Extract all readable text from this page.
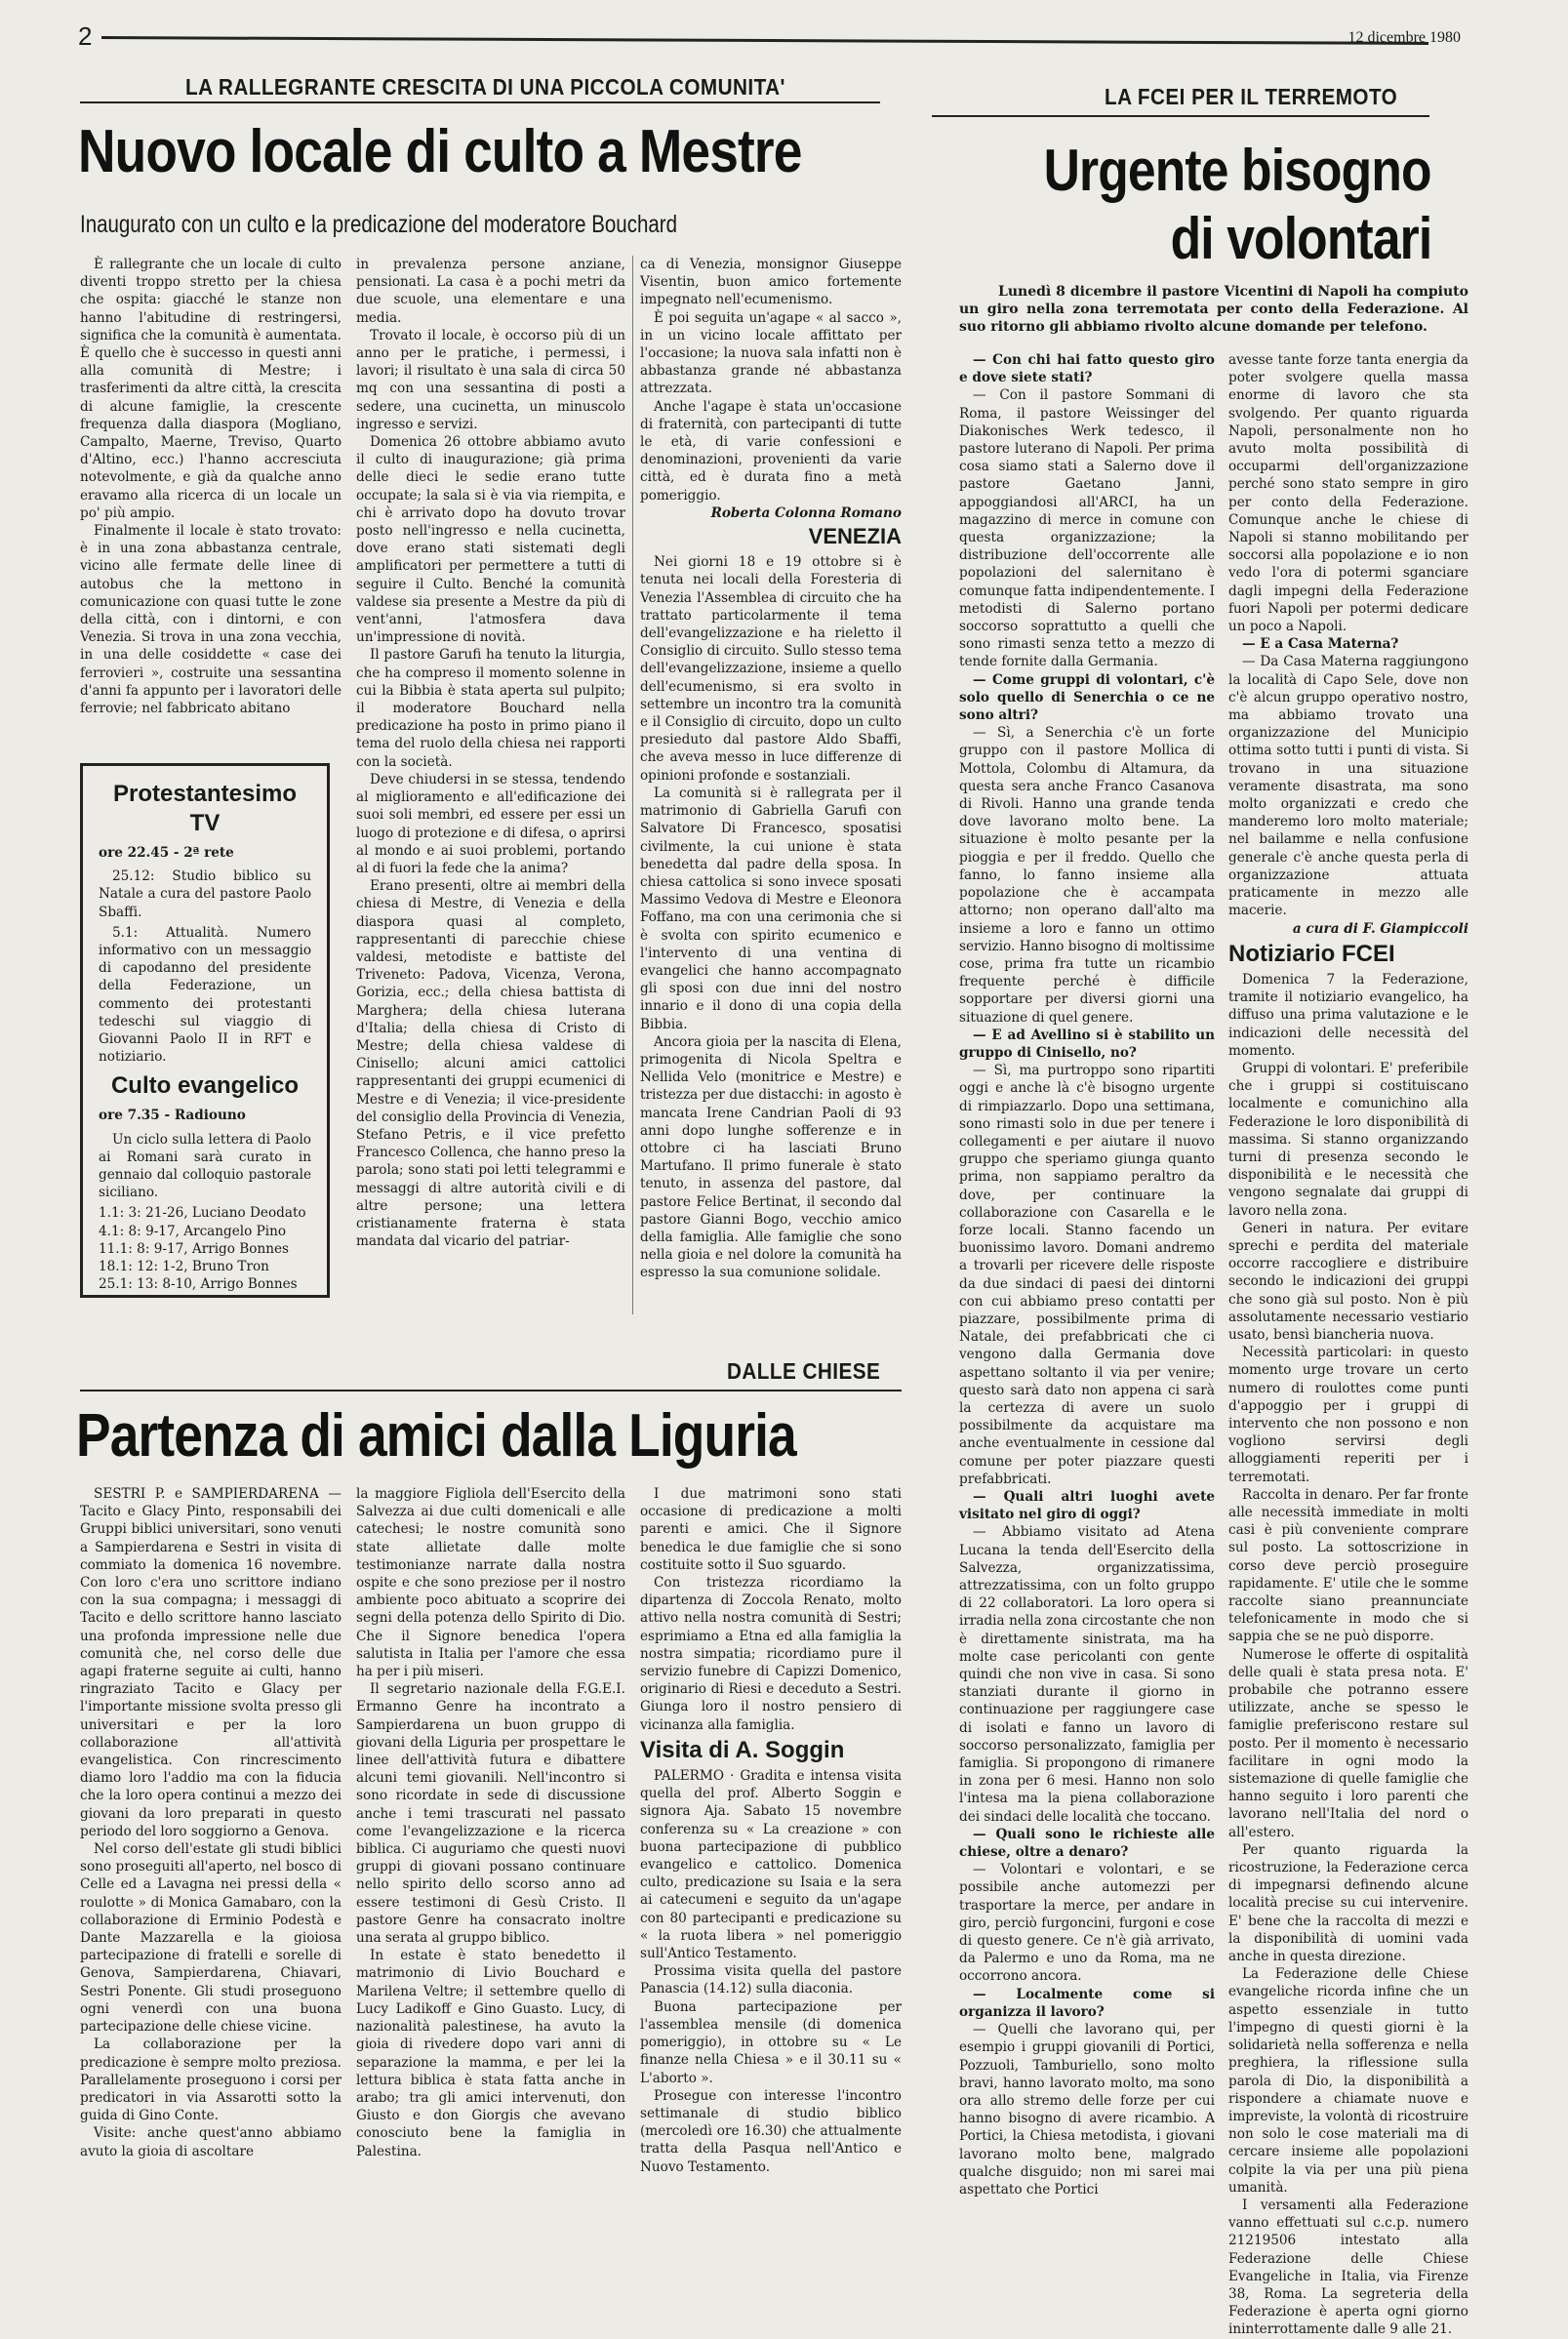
2	12 dicembre 1980
LA RALLEGRANTE CRESCITA DI UNA PICCOLA COMUNITA'
Nuovo locale di culto a Mestre
Inaugurato con un culto e la predicazione del moderatore Bouchard

È rallegrante che un locale di culto diventi troppo stretto per la chiesa che ospita: giacché le stanze non hanno l'abitudine di restringersi, significa che la comunità è aumentata. È quello che è successo in questi anni alla comunità di Mestre; i trasferimenti da altre città, la crescita di alcune famiglie, la crescente frequenza dalla diaspora (Mogliano, Campalto, Maerne, Treviso, Quarto d'Altino, ecc.) l'hanno accresciuta notevolmente, e già da qualche anno eravamo alla ricerca di un locale un po' più ampio.

Finalmente il locale è stato trovato: è in una zona abbastanza centrale, vicino alle fermate delle linee di autobus che la mettono in comunicazione con quasi tutte le zone della città, con i dintorni, e con Venezia. Si trova in una zona vecchia, in una delle cosiddette « case dei ferrovieri », costruite una sessantina d'anni fa appunto per i lavoratori delle ferrovie; nel fabbricato abitano

in prevalenza persone anziane, pensionati. La casa è a pochi metri da due scuole, una elementare e una media.

Trovato il locale, è occorso più di un anno per le pratiche, i permessi, i lavori; il risultato è una sala di circa 50 mq con una sessantina di posti a sedere, una cucinetta, un minuscolo ingresso e servizi.

Domenica 26 ottobre abbiamo avuto il culto di inaugurazione; già prima delle dieci le sedie erano tutte occupate; la sala si è via via riempita, e chi è arrivato dopo ha dovuto trovar posto nell'ingresso e nella cucinetta, dove erano stati sistemati degli amplificatori per permettere a tutti di seguire il Culto. Benché la comunità valdese sia presente a Mestre da più di vent'anni, l'atmosfera dava un'impressione di novità.

Il pastore Garufi ha tenuto la liturgia, che ha compreso il momento solenne in cui la Bibbia è stata aperta sul pulpito; il moderatore Bouchard nella predicazione ha posto in primo piano il tema del ruolo della chiesa nei rapporti con la società.

Deve chiudersi in se stessa, tendendo al miglioramento e all'edificazione dei suoi soli membri, ed essere per essi un luogo di protezione e di difesa, o aprirsi al mondo e ai suoi problemi, portando al di fuori la fede che la anima?

Erano presenti, oltre ai membri della chiesa di Mestre, di Venezia e della diaspora quasi al completo, rappresentanti di parecchie chiese valdesi, metodiste e battiste del Triveneto: Padova, Vicenza, Verona, Gorizia, ecc.; della chiesa battista di Marghera; della chiesa luterana d'Italia; della chiesa di Cristo di Mestre; della chiesa valdese di Cinisello; alcuni amici cattolici rappresentanti dei gruppi ecumenici di Mestre e di Venezia; il vice-presidente del consiglio della Provincia di Venezia, Stefano Petris, e il vice prefetto Francesco Collenca, che hanno preso la parola; sono stati poi letti telegrammi e messaggi di altre autorità civili e di altre persone; una lettera cristianamente fraterna è stata mandata dal vicario del patriar-

ca di Venezia, monsignor Giuseppe Visentin, buon amico fortemente impegnato nell'ecumenismo.

È poi seguita un'agape « al sacco », in un vicino locale affittato per l'occasione; la nuova sala infatti non è abbastanza grande né abbastanza attrezzata.

Anche l'agape è stata un'occasione di fraternità, con partecipanti di tutte le età, di varie confessioni e denominazioni, provenienti da varie città, ed è durata fino a metà pomeriggio.

Roberta Colonna Romano

VENEZIA

Nei giorni 18 e 19 ottobre si è tenuta nei locali della Foresteria di Venezia l'Assemblea di circuito che ha trattato particolarmente il tema dell'evangelizzazione e ha rieletto il Consiglio di circuito. Sullo stesso tema dell'evangelizzazione, insieme a quello dell'ecumenismo, si era svolto in settembre un incontro tra la comunità e il Consiglio di circuito, dopo un culto presieduto dal pastore Aldo Sbaffi, che aveva messo in luce differenze di opinioni profonde e sostanziali.

La comunità si è rallegrata per il matrimonio di Gabriella Garufi con Salvatore Di Francesco, sposatisi civilmente, la cui unione è stata benedetta dal padre della sposa. In chiesa cattolica si sono invece sposati Massimo Vedova di Mestre e Eleonora Foffano, ma con una cerimonia che si è svolta con spirito ecumenico e l'intervento di una ventina di evangelici che hanno accompagnato gli sposi con due inni del nostro innario e il dono di una copia della Bibbia.

Ancora gioia per la nascita di Elena, primogenita di Nicola Speltra e Nellida Velo (monitrice e Mestre) e tristezza per due distacchi: in agosto è mancata Irene Candrian Paoli di 93 anni dopo lunghe sofferenze e in ottobre ci ha lasciati Bruno Martufano. Il primo funerale è stato tenuto, in assenza del pastore, dal pastore Felice Bertinat, il secondo dal pastore Gianni Bogo, vecchio amico della famiglia. Alle famiglie che sono nella gioia e nel dolore la comunità ha espresso la sua comunione solidale.

Protestantesimo TV
ore 22.45 - 2ª rete

25.12: Studio biblico su Natale a cura del pastore Paolo Sbaffi.

5.1: Attualità. Numero informativo con un messaggio di capodanno del presidente della Federazione, un commento dei protestanti tedeschi sul viaggio di Giovanni Paolo II in RFT e notiziario.

Culto evangelico
ore 7.35 - Radiouno

Un ciclo sulla lettera di Paolo ai Romani sarà curato in gennaio dal colloquio pastorale siciliano.

1.1: 3: 21-26, Luciano Deodato

4.1: 8: 9-17, Arcangelo Pino

11.1: 8: 9-17, Arrigo Bonnes

18.1: 12: 1-2, Bruno Tron

25.1: 13: 8-10, Arrigo Bonnes

LA FCEI PER IL TERREMOTO
Urgente bisogno
di volontari
Lunedì 8 dicembre il pastore Vicentini di Napoli ha compiuto un giro nella zona terremotata per conto della Federazione. Al suo ritorno gli abbiamo rivolto alcune domande per telefono.

— Con chi hai fatto questo giro e dove siete stati?

— Con il pastore Sommani di Roma, il pastore Weissinger del Diakonisches Werk tedesco, il pastore luterano di Napoli. Per prima cosa siamo stati a Salerno dove il pastore Gaetano Janni, appoggiandosi all'ARCI, ha un magazzino di merce in comune con questa organizzazione; la distribuzione dell'occorrente alle popolazioni del salernitano è comunque fatta indipendentemente. I metodisti di Salerno portano soccorso soprattutto a quelli che sono rimasti senza tetto a mezzo di tende fornite dalla Germania.

— Come gruppi di volontari, c'è solo quello di Senerchia o ce ne sono altri?

— Sì, a Senerchia c'è un forte gruppo con il pastore Mollica di Mottola, Colombu di Altamura, da questa sera anche Franco Casanova di Rivoli. Hanno una grande tenda dove lavorano molto bene. La situazione è molto pesante per la pioggia e per il freddo. Quello che fanno, lo fanno insieme alla popolazione che è accampata attorno; non operano dall'alto ma insieme a loro e fanno un ottimo servizio. Hanno bisogno di moltissime cose, prima fra tutte un ricambio frequente perché è difficile sopportare per diversi giorni una situazione di quel genere.

— E ad Avellino si è stabilito un gruppo di Cinisello, no?

— Sì, ma purtroppo sono ripartiti oggi e anche là c'è bisogno urgente di rimpiazzarlo. Dopo una settimana, sono rimasti solo in due per tenere i collegamenti e per aiutare il nuovo gruppo che speriamo giunga quanto prima, non sappiamo peraltro da dove, per continuare la collaborazione con Casarella e le forze locali. Stanno facendo un buonissimo lavoro. Domani andremo a trovarli per ricevere delle risposte da due sindaci di paesi dei dintorni con cui abbiamo preso contatti per piazzare, possibilmente prima di Natale, dei prefabbricati che ci vengono dalla Germania dove aspettano soltanto il via per venire; questo sarà dato non appena ci sarà la certezza di avere un suolo possibilmente da acquistare ma anche eventualmente in cessione dal comune per poter piazzare questi prefabbricati.

— Quali altri luoghi avete visitato nel giro di oggi?

— Abbiamo visitato ad Atena Lucana la tenda dell'Esercito della Salvezza, organizzatissima, attrezzatissima, con un folto gruppo di 22 collaboratori. La loro opera si irradia nella zona circostante che non è direttamente sinistrata, ma ha molte case pericolanti con gente quindi che non vive in casa. Si sono stanziati durante il giorno in continuazione per raggiungere case di isolati e fanno un lavoro di soccorso personalizzato, famiglia per famiglia. Si propongono di rimanere in zona per 6 mesi. Hanno non solo l'intesa ma la piena collaborazione dei sindaci delle località che toccano.

— Quali sono le richieste alle chiese, oltre a denaro?

— Volontari e volontari, e se possibile anche automezzi per trasportare la merce, per andare in giro, perciò furgoncini, furgoni e cose di questo genere. Ce n'è già arrivato, da Palermo e uno da Roma, ma ne occorrono ancora.

— Localmente come si organizza il lavoro?

— Quelli che lavorano qui, per esempio i gruppi giovanili di Portici, Pozzuoli, Tamburiello, sono molto bravi, hanno lavorato molto, ma sono ora allo stremo delle forze per cui hanno bisogno di avere ricambio. A Portici, la Chiesa metodista, i giovani lavorano molto bene, malgrado qualche disguido; non mi sarei mai aspettato che Portici

avesse tante forze tanta energia da poter svolgere quella massa enorme di lavoro che sta svolgendo. Per quanto riguarda Napoli, personalmente non ho avuto molta possibilità di occuparmi dell'organizzazione perché sono stato sempre in giro per conto della Federazione. Comunque anche le chiese di Napoli si stanno mobilitando per soccorsi alla popolazione e io non vedo l'ora di potermi sganciare dagli impegni della Federazione fuori Napoli per potermi dedicare un poco a Napoli.

— E a Casa Materna?

— Da Casa Materna raggiungono la località di Capo Sele, dove non c'è alcun gruppo operativo nostro, ma abbiamo trovato una organizzazione del Municipio ottima sotto tutti i punti di vista. Si trovano in una situazione veramente disastrata, ma sono molto organizzati e credo che manderemo loro molto materiale; nel bailamme e nella confusione generale c'è anche questa perla di organizzazione attuata praticamente in mezzo alle macerie.

a cura di F. Giampiccoli

Notiziario FCEI

Domenica 7 la Federazione, tramite il notiziario evangelico, ha diffuso una prima valutazione e le indicazioni delle necessità del momento.

Gruppi di volontari. E' preferibile che i gruppi si costituiscano localmente e comunichino alla Federazione le loro disponibilità di massima. Si stanno organizzando turni di presenza secondo le disponibilità e le necessità che vengono segnalate dai gruppi di lavoro nella zona.

Generi in natura. Per evitare sprechi e perdita del materiale occorre raccogliere e distribuire secondo le indicazioni dei gruppi che sono già sul posto. Non è più assolutamente necessario vestiario usato, bensì biancheria nuova.

Necessità particolari: in questo momento urge trovare un certo numero di roulottes come punti d'appoggio per i gruppi di intervento che non possono e non vogliono servirsi degli alloggiamenti reperiti per i terremotati.

Raccolta in denaro. Per far fronte alle necessità immediate in molti casi è più conveniente comprare sul posto. La sottoscrizione in corso deve perciò proseguire rapidamente. E' utile che le somme raccolte siano preannunciate telefonicamente in modo che si sappia che se ne può disporre.

Numerose le offerte di ospitalità delle quali è stata presa nota. E' probabile che potranno essere utilizzate, anche se spesso le famiglie preferiscono restare sul posto. Per il momento è necessario facilitare in ogni modo la sistemazione di quelle famiglie che hanno seguito i loro parenti che lavorano nell'Italia del nord o all'estero.

Per quanto riguarda la ricostruzione, la Federazione cerca di impegnarsi definendo alcune località precise su cui intervenire. E' bene che la raccolta di mezzi e la disponibilità di uomini vada anche in questa direzione.

La Federazione delle Chiese evangeliche ricorda infine che un aspetto essenziale in tutto l'impegno di questi giorni è la solidarietà nella sofferenza e nella preghiera, la riflessione sulla parola di Dio, la disponibilità a rispondere a chiamate nuove e impreviste, la volontà di ricostruire non solo le cose materiali ma di cercare insieme alle popolazioni colpite la via per una più piena umanità.

I versamenti alla Federazione vanno effettuati sul c.c.p. numero 21219506 intestato alla Federazione delle Chiese Evangeliche in Italia, via Firenze 38, Roma. La segreteria della Federazione è aperta ogni giorno ininterrottamente dalle 9 alle 21.

DALLE CHIESE
Partenza di amici dalla Liguria

SESTRI P. e SAMPIERDARENA — Tacito e Glacy Pinto, responsabili dei Gruppi biblici universitari, sono venuti a Sampierdarena e Sestri in visita di commiato la domenica 16 novembre. Con loro c'era uno scrittore indiano con la sua compagna; i messaggi di Tacito e dello scrittore hanno lasciato una profonda impressione nelle due comunità che, nel corso delle due agapi fraterne seguite ai culti, hanno ringraziato Tacito e Glacy per l'importante missione svolta presso gli universitari e per la loro collaborazione all'attività evangelistica. Con rincrescimento diamo loro l'addio ma con la fiducia che la loro opera continui a mezzo dei giovani da loro preparati in questo periodo del loro soggiorno a Genova.

Nel corso dell'estate gli studi biblici sono proseguiti all'aperto, nel bosco di Celle ed a Lavagna nei pressi della « roulotte » di Monica Gamabaro, con la collaborazione di Erminio Podestà e Dante Mazzarella e la gioiosa partecipazione di fratelli e sorelle di Genova, Sampierdarena, Chiavari, Sestri Ponente. Gli studi proseguono ogni venerdì con una buona partecipazione delle chiese vicine.

La collaborazione per la predicazione è sempre molto preziosa. Parallelamente proseguono i corsi per predicatori in via Assarotti sotto la guida di Gino Conte.

Visite: anche quest'anno abbiamo avuto la gioia di ascoltare

la maggiore Figliola dell'Esercito della Salvezza ai due culti domenicali e alle catechesi; le nostre comunità sono state allietate dalle molte testimonianze narrate dalla nostra ospite e che sono preziose per il nostro ambiente poco abituato a scoprire dei segni della potenza dello Spirito di Dio. Che il Signore benedica l'opera salutista in Italia per l'amore che essa ha per i più miseri.

Il segretario nazionale della F.G.E.I. Ermanno Genre ha incontrato a Sampierdarena un buon gruppo di giovani della Liguria per prospettare le linee dell'attività futura e dibattere alcuni temi giovanili. Nell'incontro si sono ricordate in sede di discussione anche i temi trascurati nel passato come l'evangelizzazione e la ricerca biblica. Ci auguriamo che questi nuovi gruppi di giovani possano continuare nello spirito dello scorso anno ad essere testimoni di Gesù Cristo. Il pastore Genre ha consacrato inoltre una serata al gruppo biblico.

In estate è stato benedetto il matrimonio di Livio Bouchard e Marilena Veltre; il settembre quello di Lucy Ladikoff e Gino Guasto. Lucy, di nazionalità palestinese, ha avuto la gioia di rivedere dopo vari anni di separazione la mamma, e per lei la lettura biblica è stata fatta anche in arabo; tra gli amici intervenuti, don Giusto e don Giorgis che avevano conosciuto bene la famiglia in Palestina.

I due matrimoni sono stati occasione di predicazione a molti parenti e amici. Che il Signore benedica le due famiglie che si sono costituite sotto il Suo sguardo.

Con tristezza ricordiamo la dipartenza di Zoccola Renato, molto attivo nella nostra comunità di Sestri; esprimiamo a Etna ed alla famiglia la nostra simpatia; ricordiamo pure il servizio funebre di Capizzi Domenico, originario di Riesi e deceduto a Sestri. Giunga loro il nostro pensiero di vicinanza alla famiglia.

Visita di A. Soggin

PALERMO · Gradita e intensa visita quella del prof. Alberto Soggin e signora Aja. Sabato 15 novembre conferenza su « La creazione » con buona partecipazione di pubblico evangelico e cattolico. Domenica culto, predicazione su Isaia e la sera ai catecumeni e seguito da un'agape con 80 partecipanti e predicazione su « la ruota libera » nel pomeriggio sull'Antico Testamento.

Prossima visita quella del pastore Panascia (14.12) sulla diaconia.

Buona partecipazione per l'assemblea mensile (di domenica pomeriggio), in ottobre su « Le finanze nella Chiesa » e il 30.11 su « L'aborto ».

Prosegue con interesse l'incontro settimanale di studio biblico (mercoledì ore 16.30) che attualmente tratta della Pasqua nell'Antico e Nuovo Testamento.
